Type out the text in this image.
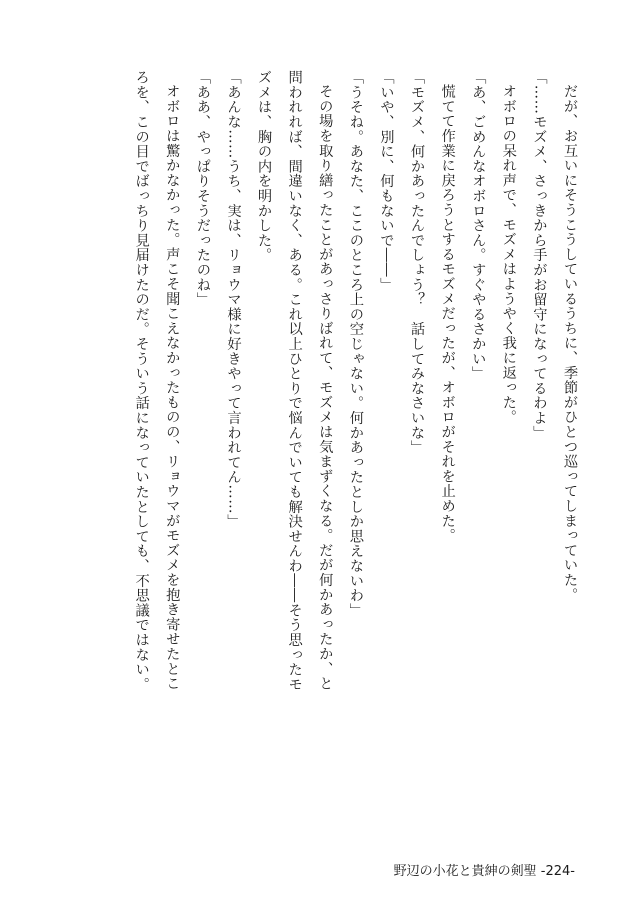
だが、お互いにそうこうしているうちに、季節がひとつ巡ってしまっていた。

「……モズメ、さっきから手がお留守になってるわよ」

オボロの呆れ声で、モズメはようやく我に返った。

「あ、ごめんなオボロさん。すぐやるさかい」

慌てて作業に戻ろうとするモズメだったが、オボロがそれを止めた。

「モズメ、何かあったんでしょう？　話してみなさいな」

「いや、別に、何もないで――」

「うそね。あなた、ここのところ上の空じゃない。何かあったとしか思えないわ」

その場を取り繕ったことがあっさりばれて、モズメは気まずくなる。だが何かあったか、と

問われれば、間違いなく、ある。これ以上ひとりで悩んでいても解決せんわ――そう思ったモ

ズメは、胸の内を明かした。

「あんな……うち、実は、リョウマ様に好きやって言われてん……」

「ああ、やっぱりそうだったのね」

オボロは驚かなかった。声こそ聞こえなかったものの、リョウマがモズメを抱き寄せたとこ

ろを、この目でばっちり見届けたのだ。そういう話になっていたとしても、不思議ではない。

野辺の小花と貴紳の剣聖 -224-
